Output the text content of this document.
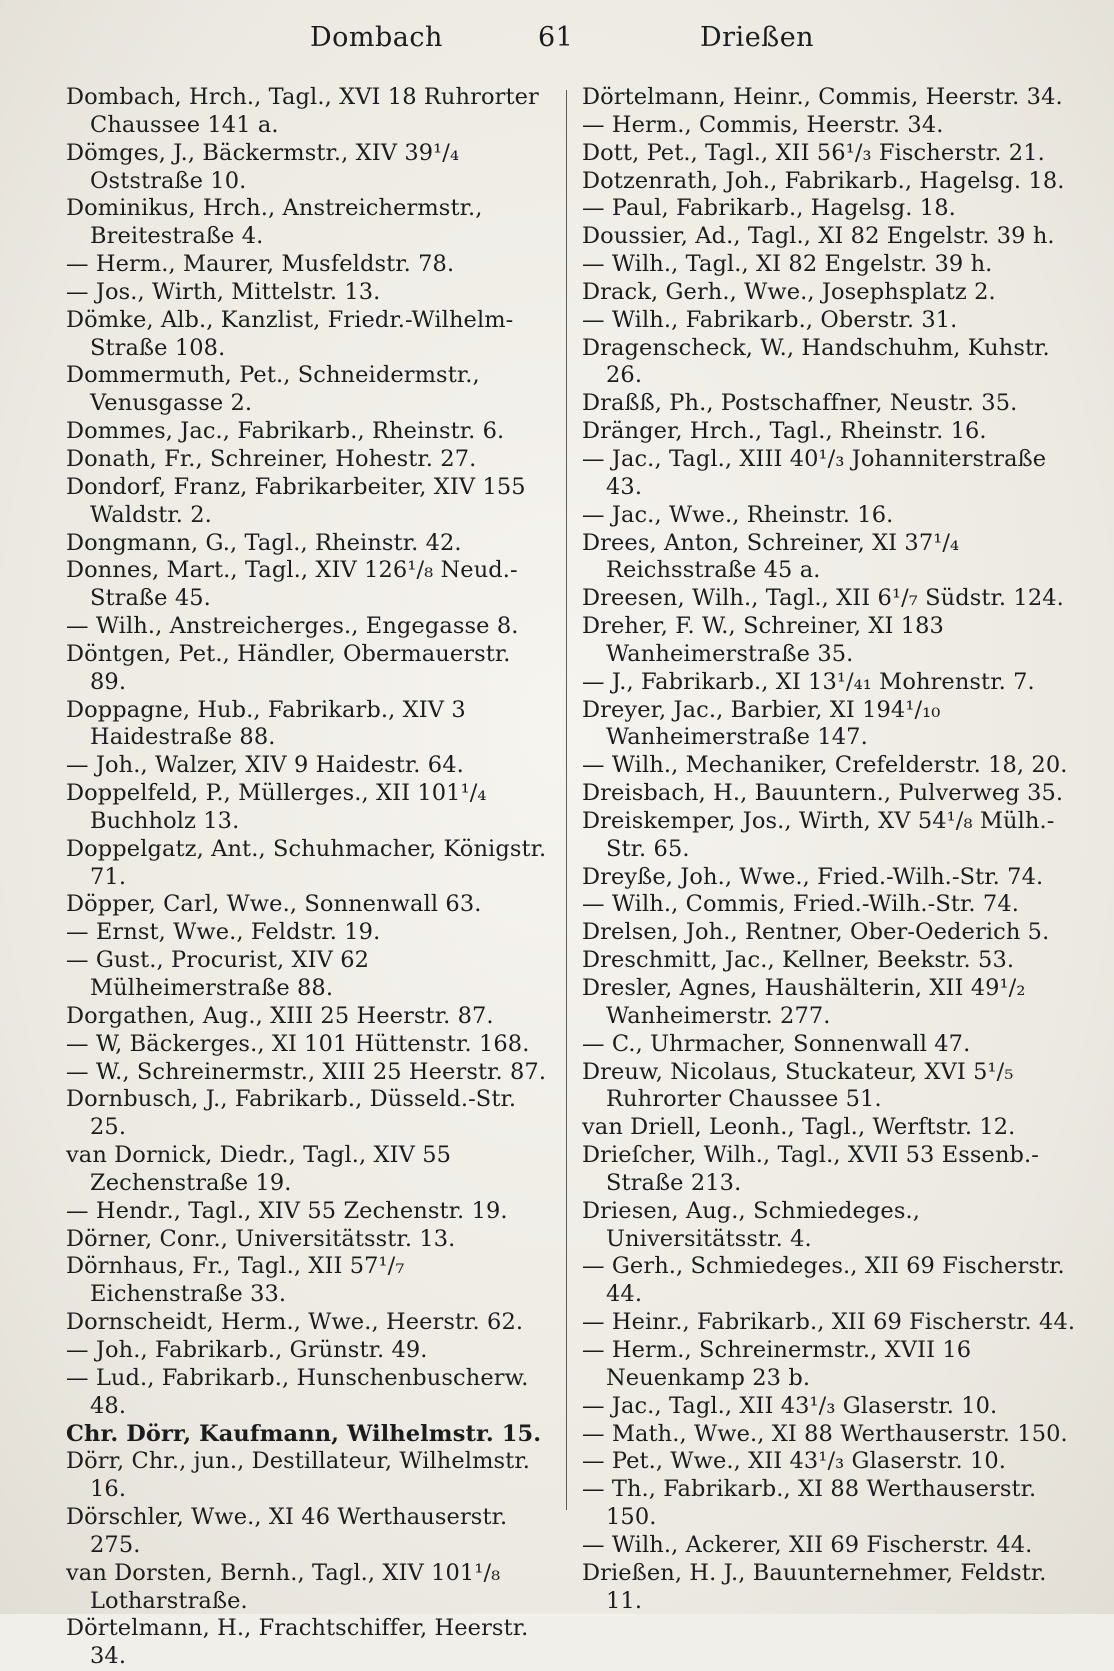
Dombach	61	Drießen

Dombach, Hrch., Tagl., XVI 18 Ruhrorter Chaussee 141 a.

Dömges, J., Bäckermstr., XIV 39¹/₄ Oststraße 10.

Dominikus, Hrch., Anstreichermstr., Breitestraße 4.

— Herm., Maurer, Musfeldstr. 78.

— Jos., Wirth, Mittelstr. 13.

Dömke, Alb., Kanzlist, Friedr.-Wilhelm-Straße 108.

Dommermuth, Pet., Schneidermstr., Venusgasse 2.

Dommes, Jac., Fabrikarb., Rheinstr. 6.

Donath, Fr., Schreiner, Hohestr. 27.

Dondorf, Franz, Fabrikarbeiter, XIV 155 Waldstr. 2.

Dongmann, G., Tagl., Rheinstr. 42.

Donnes, Mart., Tagl., XIV 126¹/₈ Neud.-Straße 45.

— Wilh., Anstreicherges., Engegasse 8.

Döntgen, Pet., Händler, Obermauerstr. 89.

Doppagne, Hub., Fabrikarb., XIV 3 Haidestraße 88.

— Joh., Walzer, XIV 9 Haidestr. 64.

Doppelfeld, P., Müllerges., XII 101¹/₄ Buchholz 13.

Doppelgatz, Ant., Schuhmacher, Königstr. 71.

Döpper, Carl, Wwe., Sonnenwall 63.

— Ernst, Wwe., Feldstr. 19.

— Gust., Procurist, XIV 62 Mülheimerstraße 88.

Dorgathen, Aug., XIII 25 Heerstr. 87.

— W, Bäckerges., XI 101 Hüttenstr. 168.

— W., Schreinermstr., XIII 25 Heerstr. 87.

Dornbusch, J., Fabrikarb., Düsseld.-Str. 25.

van Dornick, Diedr., Tagl., XIV 55 Zechenstraße 19.

— Hendr., Tagl., XIV 55 Zechenstr. 19.

Dörner, Conr., Universitätsstr. 13.

Dörnhaus, Fr., Tagl., XII 57¹/₇ Eichenstraße 33.

Dornscheidt, Herm., Wwe., Heerstr. 62.

— Joh., Fabrikarb., Grünstr. 49.

— Lud., Fabrikarb., Hunschenbuscherw. 48.

Chr. Dörr, Kaufmann, Wilhelmstr. 15.

Dörr, Chr., jun., Destillateur, Wilhelmstr. 16.

Dörschler, Wwe., XI 46 Werthauserstr. 275.

van Dorsten, Bernh., Tagl., XIV 101¹/₈ Lotharstraße.

Dörtelmann, H., Frachtschiffer, Heerstr. 34.

Dörtelmann, Heinr., Commis, Heerstr. 34.

— Herm., Commis, Heerstr. 34.

Dott, Pet., Tagl., XII 56¹/₃ Fischerstr. 21.

Dotzenrath, Joh., Fabrikarb., Hagelsg. 18.

— Paul, Fabrikarb., Hagelsg. 18.

Doussier, Ad., Tagl., XI 82 Engelstr. 39 h.

— Wilh., Tagl., XI 82 Engelstr. 39 h.

Drack, Gerh., Wwe., Josephsplatz 2.

— Wilh., Fabrikarb., Oberstr. 31.

Dragenscheck, W., Handschuhm, Kuhstr. 26.

Draßß, Ph., Postschaffner, Neustr. 35.

Dränger, Hrch., Tagl., Rheinstr. 16.

— Jac., Tagl., XIII 40¹/₃ Johanniterstraße 43.

— Jac., Wwe., Rheinstr. 16.

Drees, Anton, Schreiner, XI 37¹/₄ Reichsstraße 45 a.

Dreesen, Wilh., Tagl., XII 6¹/₇ Südstr. 124.

Dreher, F. W., Schreiner, XI 183 Wanheimerstraße 35.

— J., Fabrikarb., XI 13¹/₄₁ Mohrenstr. 7.

Dreyer, Jac., Barbier, XI 194¹/₁₀ Wanheimerstraße 147.

— Wilh., Mechaniker, Crefelderstr. 18, 20.

Dreisbach, H., Bauuntern., Pulverweg 35.

Dreiskemper, Jos., Wirth, XV 54¹/₈ Mülh.-Str. 65.

Dreyße, Joh., Wwe., Fried.-Wilh.-Str. 74.

— Wilh., Commis, Fried.-Wilh.-Str. 74.

Drelsen, Joh., Rentner, Ober-Oederich 5.

Dreschmitt, Jac., Kellner, Beekstr. 53.

Dresler, Agnes, Haushälterin, XII 49¹/₂ Wanheimerstr. 277.

— C., Uhrmacher, Sonnenwall 47.

Dreuw, Nicolaus, Stuckateur, XVI 5¹/₅ Ruhrorter Chaussee 51.

van Driell, Leonh., Tagl., Werftstr. 12.

Drieſcher, Wilh., Tagl., XVII 53 Essenb.-Straße 213.

Driesen, Aug., Schmiedeges., Universitätsstr. 4.

— Gerh., Schmiedeges., XII 69 Fischerstr. 44.

— Heinr., Fabrikarb., XII 69 Fischerstr. 44.

— Herm., Schreinermstr., XVII 16 Neuenkamp 23 b.

— Jac., Tagl., XII 43¹/₃ Glaserstr. 10.

— Math., Wwe., XI 88 Werthauserstr. 150.

— Pet., Wwe., XII 43¹/₃ Glaserstr. 10.

— Th., Fabrikarb., XI 88 Werthauserstr. 150.

— Wilh., Ackerer, XII 69 Fischerstr. 44.

Drießen, H. J., Bauunternehmer, Feldstr. 11.
